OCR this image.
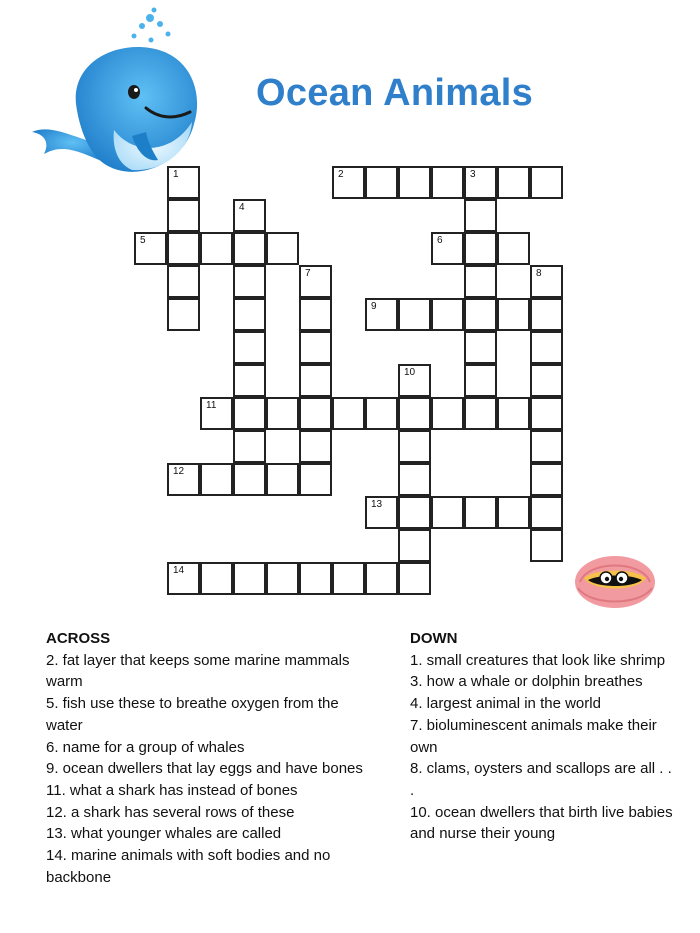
Ocean Animals
1	2	3
4
5	6
7	8
9
10
11
12
13
14
ACROSS

2. fat layer that keeps some marine mammals warm

5. fish use these to breathe oxygen from the water

6. name for a group of whales

9. ocean dwellers that lay eggs and have bones

11. what a shark has instead of bones

12. a shark has several rows of these

13. what younger whales are called

14. marine animals with soft bodies and no backbone

DOWN

1. small creatures that look like shrimp

3. how a whale or dolphin breathes

4. largest animal in the world

7. bioluminescent animals make their own

8. clams, oysters and scallops are all . . .

10. ocean dwellers that birth live babies and nurse their young
